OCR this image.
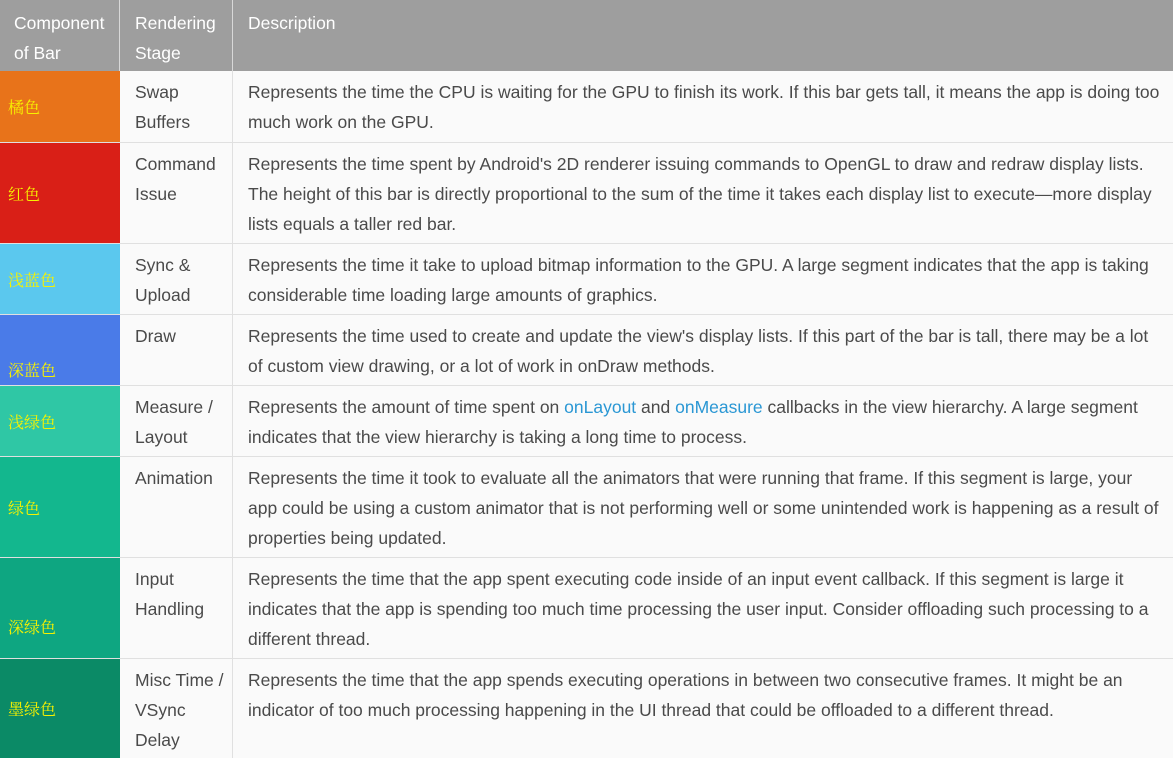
Component of Bar
Rendering Stage
Description
橘色
Swap Buffers
Represents the time the CPU is waiting for the GPU to finish its work. If this bar gets tall, it means the app is doing too much work on the GPU.
红色
Command Issue
Represents the time spent by Android's 2D renderer issuing commands to OpenGL to draw and redraw display lists. The height of this bar is directly proportional to the sum of the time it takes each display list to execute—more display lists equals a taller red bar.
浅蓝色
Sync & Upload
Represents the time it take to upload bitmap information to the GPU. A large segment indicates that the app is taking considerable time loading large amounts of graphics.
深蓝色
Draw	Represents the time used to create and update the view's display lists. If this part of the bar is tall, there may be a lot of custom view drawing, or a lot of work in onDraw methods.
浅绿色
Measure / Layout
Represents the amount of time spent on onLayout and onMeasure callbacks in the view hierarchy. A large segment indicates that the view hierarchy is taking a long time to process.
绿色
Animation	Represents the time it took to evaluate all the animators that were running that frame. If this segment is large, your app could be using a custom animator that is not performing well or some unintended work is happening as a result of properties being updated.
深绿色
Input Handling
Represents the time that the app spent executing code inside of an input event callback. If this segment is large it indicates that the app is spending too much time processing the user input. Consider offloading such processing to a different thread.
墨绿色
Misc Time / VSync Delay
Represents the time that the app spends executing operations in between two consecutive frames. It might be an indicator of too much processing happening in the UI thread that could be offloaded to a different thread.
